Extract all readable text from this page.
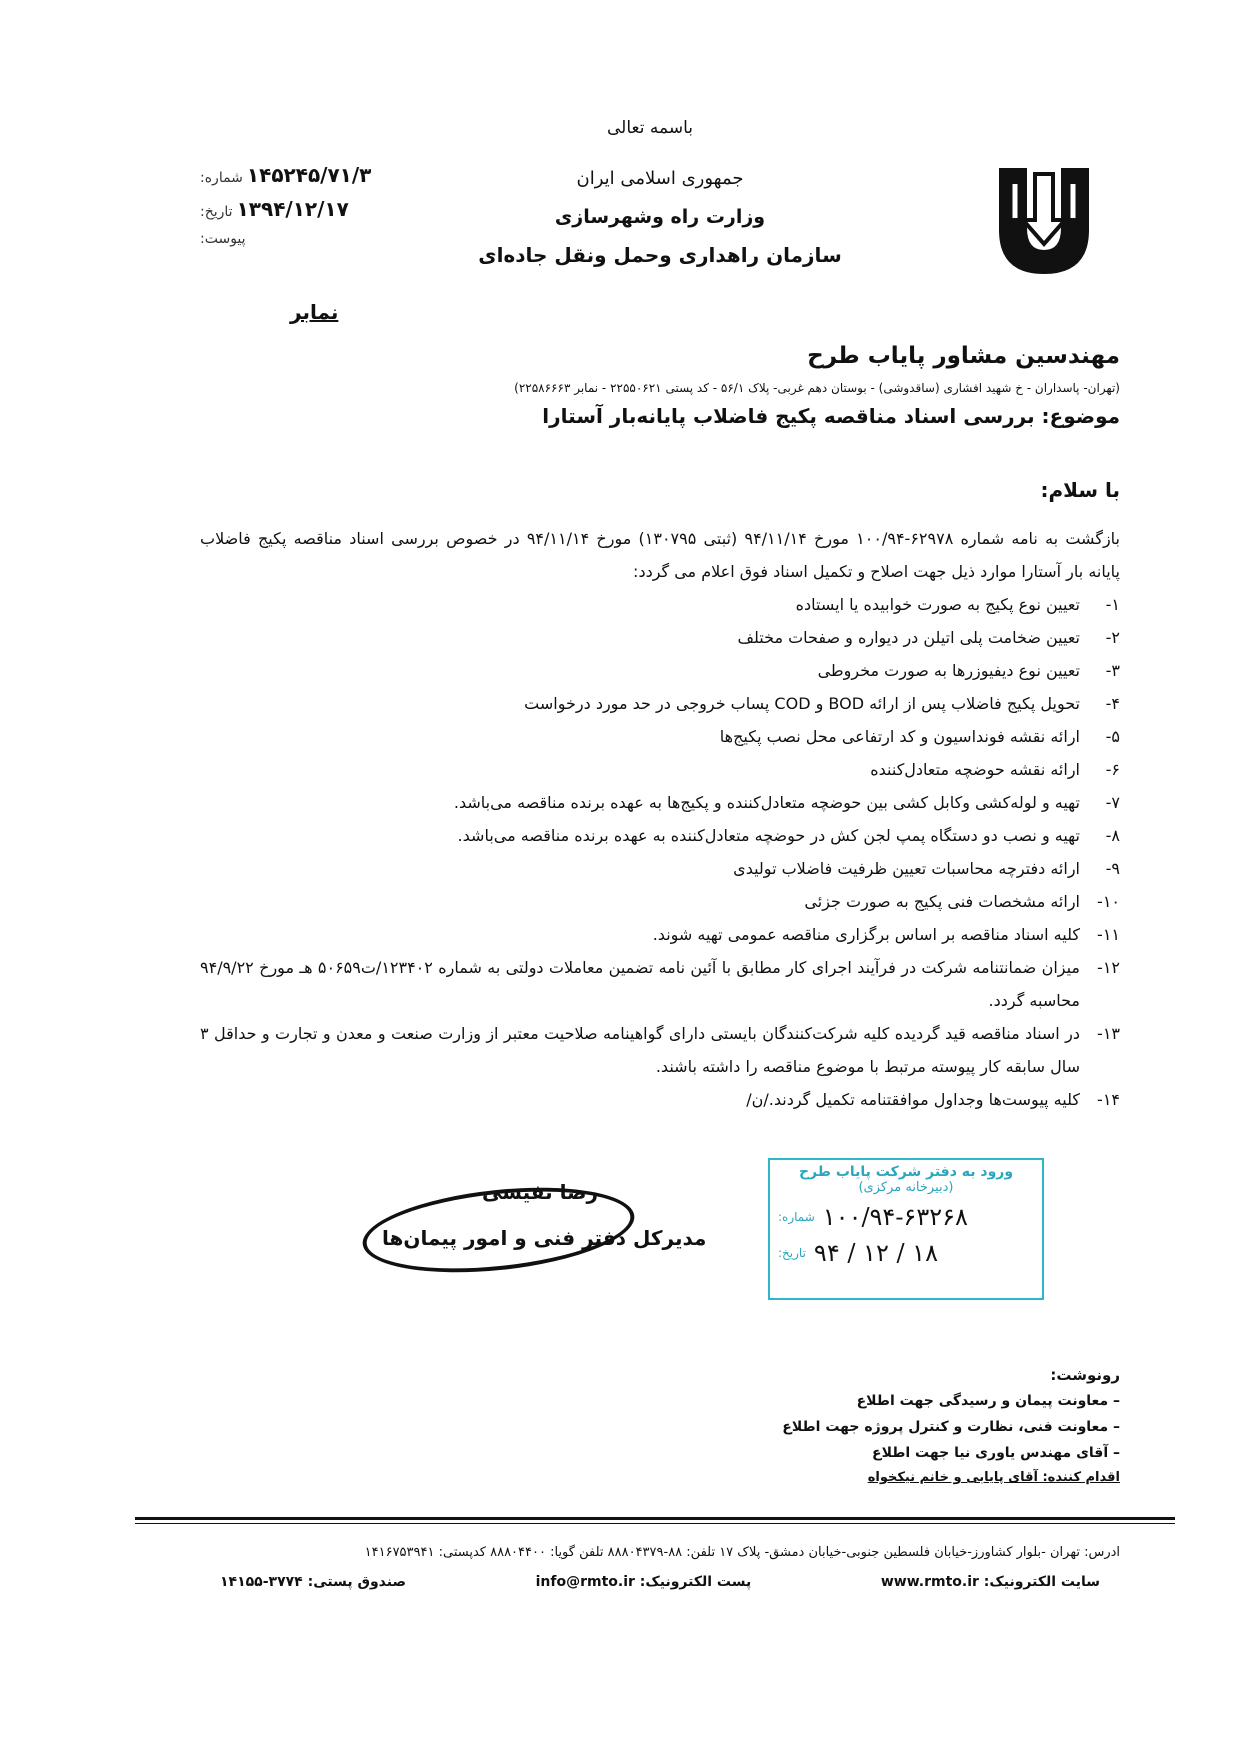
باسمه تعالی
جمهوری اسلامی ایران
وزارت راه وشهرسازی
سازمان راهداری وحمل ونقل جاده‌ای
شماره: ۱۴۵۲۴۵/۷۱/۳
تاریخ: ۱۳۹۴/۱۲/۱۷
پیوست:
نمابر
مهندسین مشاور پایاب طرح
(تهران- پاسداران - خ شهید افشاری (ساقدوشی) - بوستان دهم غربی- پلاک ۵۶/۱ - کد پستی ۲۲۵۵۰۶۲۱ - نمابر ۲۲۵۸۶۶۶۳)
موضوع: بررسی اسناد مناقصه پکیج فاضلاب پایانه‌بار آستارا
با سلام:
بازگشت به نامه شماره ۶۲۹۷۸-۱۰۰/۹۴ مورخ ۹۴/۱۱/۱۴ (ثبتی ۱۳۰۷۹۵) مورخ ۹۴/۱۱/۱۴ در خصوص بررسی اسناد مناقصه پکیج فاضلاب پایانه بار آستارا موارد ذیل جهت اصلاح و تکمیل اسناد فوق اعلام می گردد:
۱-
تعیین نوع پکیج به صورت خوابیده یا ایستاده
۲-
تعیین ضخامت پلی اتیلن در دیواره و صفحات مختلف
۳-
تعیین نوع دیفیوزرها به صورت مخروطی
۴-
تحویل پکیج فاضلاب پس از ارائه BOD و COD پساب خروجی در حد مورد درخواست
۵-
ارائه نقشه فونداسیون و کد ارتفاعی محل نصب پکیج‌ها
۶-
ارائه نقشه حوضچه متعادل‌کننده
۷-
تهیه و لوله‌کشی وکابل کشی بین حوضچه متعادل‌کننده و پکیج‌ها به عهده برنده مناقصه می‌باشد.
۸-
تهیه و نصب دو دستگاه پمپ لجن کش در حوضچه متعادل‌کننده به عهده برنده مناقصه می‌باشد.
۹-
ارائه دفترچه محاسبات تعیین ظرفیت فاضلاب تولیدی
۱۰-
ارائه مشخصات فنی پکیج به صورت جزئی
۱۱-
کلیه اسناد مناقصه بر اساس برگزاری مناقصه عمومی تهیه شوند.
۱۲-
میزان ضمانتنامه شرکت در فرآیند اجرای کار مطابق با آئین نامه تضمین معاملات دولتی به شماره ۱۲۳۴۰۲/ت۵۰۶۵۹ هـ مورخ ۹۴/۹/۲۲ محاسبه گردد.
۱۳-
در اسناد مناقصه قید گردیده کلیه شرکت‌کنندگان بایستی دارای گواهینامه صلاحیت معتبر از وزارت صنعت و معدن و تجارت و حداقل ۳ سال سابقه کار پیوسته مرتبط با موضوع مناقصه را داشته باشند.
۱۴-
کلیه پیوست‌ها وجداول موافقتنامه تکمیل گردند./ن/
رضا نفیسی
مدیرکل دفتر فنی و امور پیمان‌ها
ورود به دفتر شرکت پایاب طرح
(دبیرخانه مرکزی)
شماره: ۱۰۰/۹۴-۶۳۲۶۸
تاریخ: ۹۴ / ۱۲ / ۱۸
رونوشت:
– معاونت پیمان و رسیدگی جهت اطلاع
– معاونت فنی، نظارت و کنترل پروژه جهت اطلاع
– آقای مهندس یاوری نیا جهت اطلاع
اقدام کننده: آقای پایابی و خانم نیکخواه
ادرس: تهران -بلوار کشاورز-خیابان فلسطین جنوبی-خیابان دمشق- پلاک ۱۷ تلفن: ۸۸-۸۸۸۰۴۳۷۹ تلفن گویا: ۸۸۸۰۴۴۰۰ کدپستی: ۱۴۱۶۷۵۳۹۴۱
صندوق پستی: ۳۷۷۴-۱۴۱۵۵	پست الکترونیک: info@rmto.ir	سایت الکترونیک: www.rmto.ir
